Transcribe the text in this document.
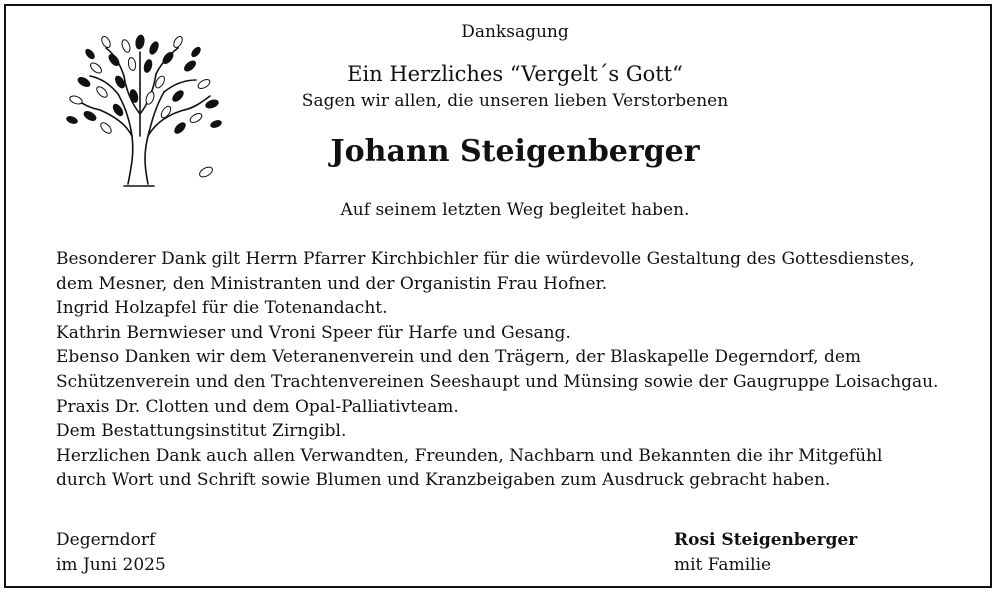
Danksagung
Ein Herzliches “Vergelt´s Gott“
Sagen wir allen, die unseren lieben Verstorbenen
Johann Steigenberger
Auf seinem letzten Weg begleitet haben.
Besonderer Dank gilt Herrn Pfarrer Kirchbichler für die würdevolle Gestaltung des Gottesdienstes,
dem Mesner, den Ministranten und der Organistin Frau Hofner.
Ingrid Holzapfel für die Totenandacht.
Kathrin Bernwieser und Vroni Speer für Harfe und Gesang.
Ebenso Danken wir dem Veteranenverein und den Trägern, der Blaskapelle Degerndorf, dem
Schützenverein und den Trachtenvereinen Seeshaupt und Münsing sowie der Gaugruppe Loisachgau.
Praxis Dr. Clotten und dem Opal-Palliativteam.
Dem Bestattungsinstitut Zirngibl.
Herzlichen Dank auch allen Verwandten, Freunden, Nachbarn und Bekannten die ihr Mitgefühl
durch Wort und Schrift sowie Blumen und Kranzbeigaben zum Ausdruck gebracht haben.
Degerndorf
im Juni 2025
Rosi Steigenberger
mit Familie
